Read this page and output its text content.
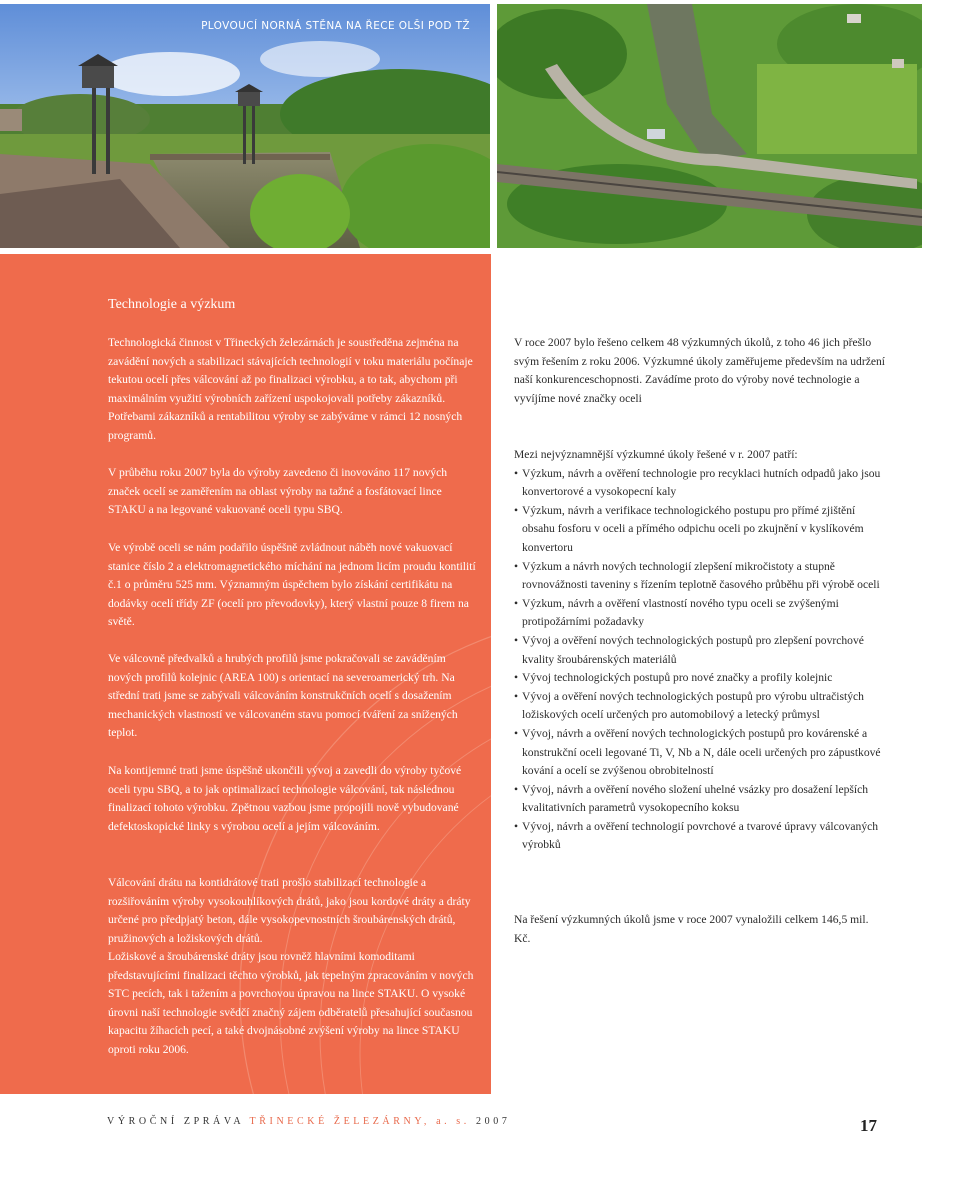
PLOVOUCÍ NORNÁ STĚNA NA ŘECE OLŠI POD TŽ
Technologie a výzkum

Technologická činnost v Třineckých železárnách je soustředěna zejména na zavádění nových a stabilizaci stávajících technologií v toku materiálu počínaje tekutou ocelí přes válcování až po finalizaci výrobku, a to tak, abychom při maximálním využití výrobních zařízení uspokojovali potřeby zákazníků. Potřebami zákazníků a rentabilitou výroby se zabýváme v rámci 12 nosných programů.

V průběhu roku 2007 byla do výroby zavedeno či inovováno 117 nových značek ocelí se zaměřením na oblast výroby na tažné a fosfátovací lince STAKU a na legované vakuované oceli typu SBQ.

Ve výrobě oceli se nám podařilo úspěšně zvládnout náběh nové vakuovací stanice číslo 2 a elektromagnetického míchání na jednom licím proudu kontilití č.1 o průměru 525 mm. Významným úspěchem bylo získání certifikátu na dodávky ocelí třídy ZF (ocelí pro převodovky), který vlastní pouze 8 firem na světě.

Ve válcovně předvalků a hrubých profilů jsme pokračovali se zaváděním nových profilů kolejnic (AREA 100) s orientací na severoamerický trh. Na střední trati jsme se zabývali válcováním konstrukčních ocelí s dosažením mechanických vlastností ve válcovaném stavu pomocí tváření za snížených teplot.

Na kontijemné trati jsme úspěšně ukončili vývoj a zavedli do výroby tyčové oceli typu SBQ, a to jak optimalizací technologie válcování, tak následnou finalizací tohoto výrobku. Zpětnou vazbou jsme propojili nově vybudované defektoskopické linky s výrobou ocelí a jejím válcováním.

Válcování drátu na kontidrátové trati prošlo stabilizací technologie a rozšiřováním výroby vysokouhlíkových drátů, jako jsou kordové dráty a dráty určené pro předpjatý beton, dále vysokopevnostních šroubárenských drátů, pružinových a ložiskových drátů.

Ložiskové a šroubárenské dráty jsou rovněž hlavními komoditami představujícími finalizaci těchto výrobků, jak tepelným zpracováním v nových STC pecích, tak i tažením a povrchovou úpravou na lince STAKU. O vysoké úrovni naší technologie svědčí značný zájem odběratelů přesahující současnou kapacitu žíhacích pecí, a také dvojnásobné zvýšení výroby na lince STAKU oproti roku 2006.

V roce 2007 bylo řešeno celkem 48 výzkumných úkolů, z toho 46 jich přešlo svým řešením z roku 2006. Výzkumné úkoly zaměřujeme především na udržení naší konkurenceschopnosti. Zavádíme proto do výroby nové technologie a vyvíjíme nové značky oceli

Mezi nejvýznamnější výzkumné úkoly řešené v r. 2007 patří:

• Výzkum, návrh a ověření technologie pro recyklaci hutních odpadů jako jsou konvertorové a vysokopecní kaly
• Výzkum, návrh a verifikace technologického postupu pro přímé zjištění obsahu fosforu v oceli a přímého odpichu oceli po zkujnění v kyslíkovém konvertoru
• Výzkum a návrh nových technologií zlepšení mikročistoty a stupně rovnovážnosti taveniny s řízením teplotně časového průběhu při výrobě oceli
• Výzkum, návrh a ověření vlastností nového typu oceli se zvýšenými protipožárními požadavky
• Vývoj a ověření nových technologických postupů pro zlepšení povrchové kvality šroubárenských materiálů
• Vývoj technologických postupů pro nové značky a profily kolejnic
• Vývoj a ověření nových technologických postupů pro výrobu ultračistých ložiskových ocelí určených pro automobilový a letecký průmysl
• Vývoj, návrh a ověření nových technologických postupů pro kovárenské a konstrukční oceli legované Ti, V, Nb a N, dále oceli určených pro zápustkové kování a ocelí se zvýšenou obrobitelností
• Vývoj, návrh a ověření nového složení uhelné vsázky pro dosažení lepších kvalitativních parametrů vysokopecního koksu
• Vývoj, návrh a ověření technologií povrchové a tvarové úpravy válcovaných výrobků

Na řešení výzkumných úkolů jsme v roce 2007 vynaložili celkem 146,5 mil. Kč.

VÝROČNÍ ZPRÁVA TŘINECKÉ ŽELEZÁRNY, a. s. 2007	17
